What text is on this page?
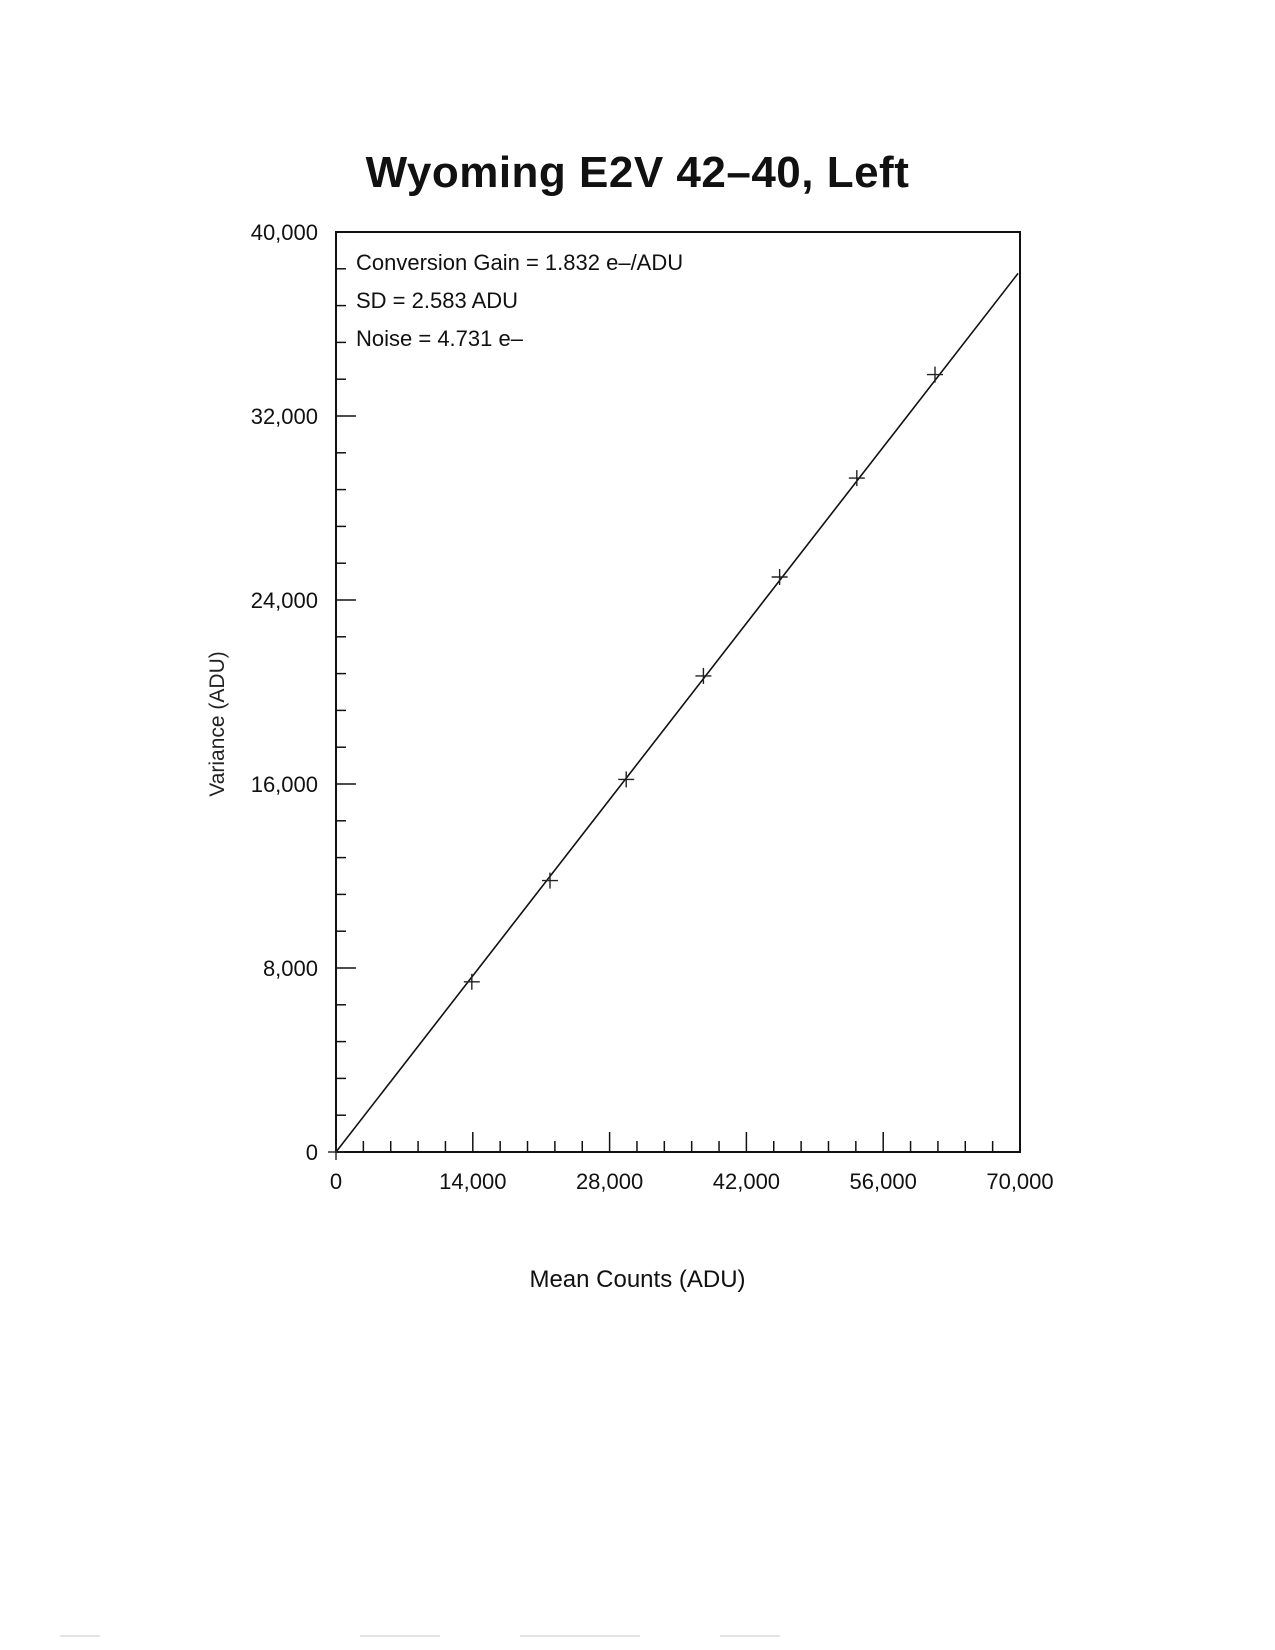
Wyoming E2V 42–40, Left
0	14,000	28,000	42,000	56,000	70,000
0
8,000
16,000
24,000
32,000
40,000
Conversion Gain = 1.832 e–/ADU
SD = 2.583 ADU
Noise = 4.731 e–
Mean Counts (ADU)
Variance (ADU)
